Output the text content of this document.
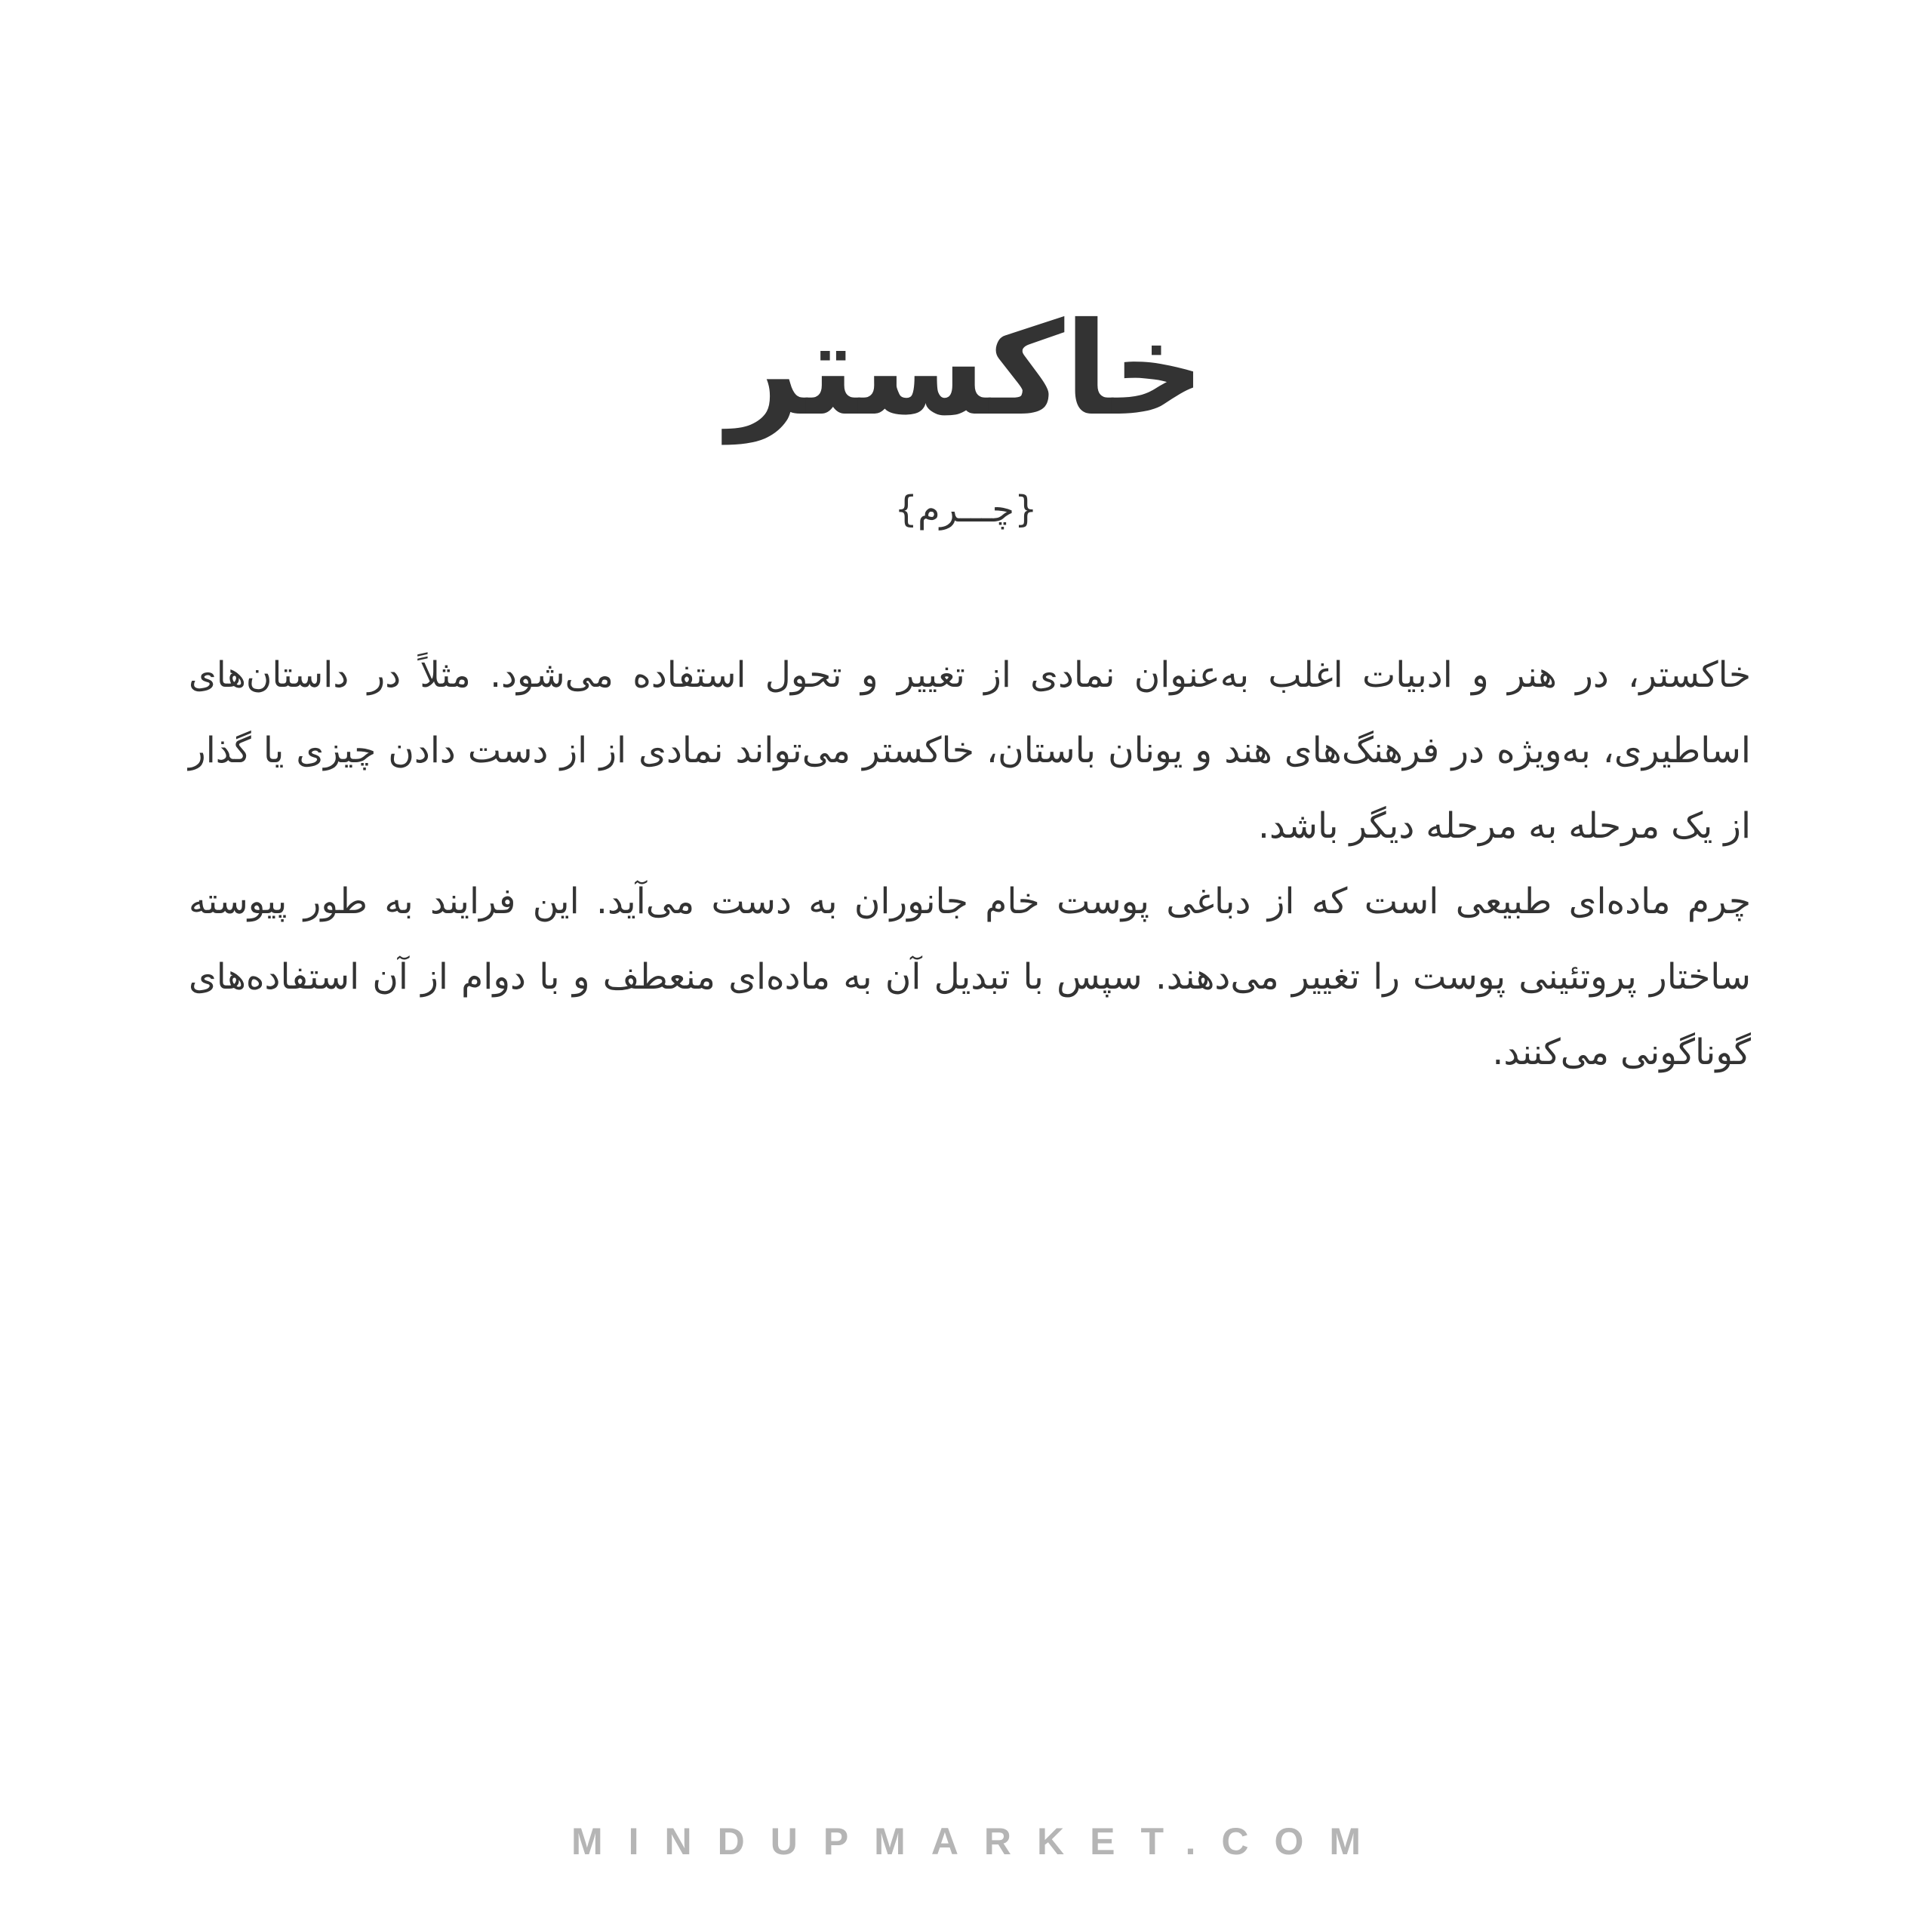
خاکستر
{چـــرم}

خاکستر، در هنر و ادبیات اغلب به‌عنوان نمادی از تغییر و تحول استفاده می‌شود. مثلاً در داستان‌های اساطیری، به‌ویژه در فرهنگ‌های هند و یونان باستان، خاکستر می‌تواند نمادی از از دست دادن چیزی یا گذار از یک مرحله به مرحله دیگر باشد.

چرم ماده‌ای طبیعی است که از دباغی پوست خام جانوران به دست می‌آید. این فرایند به طور پیوسته ساختار پروتئینی پوست را تغییر می‌دهند. سپس با تبدیل آن به ماده‌ای منعطف و با دوام از آن استفاده‌های گوناگونی می‌کنند.

MINDUPMARKET.COM
